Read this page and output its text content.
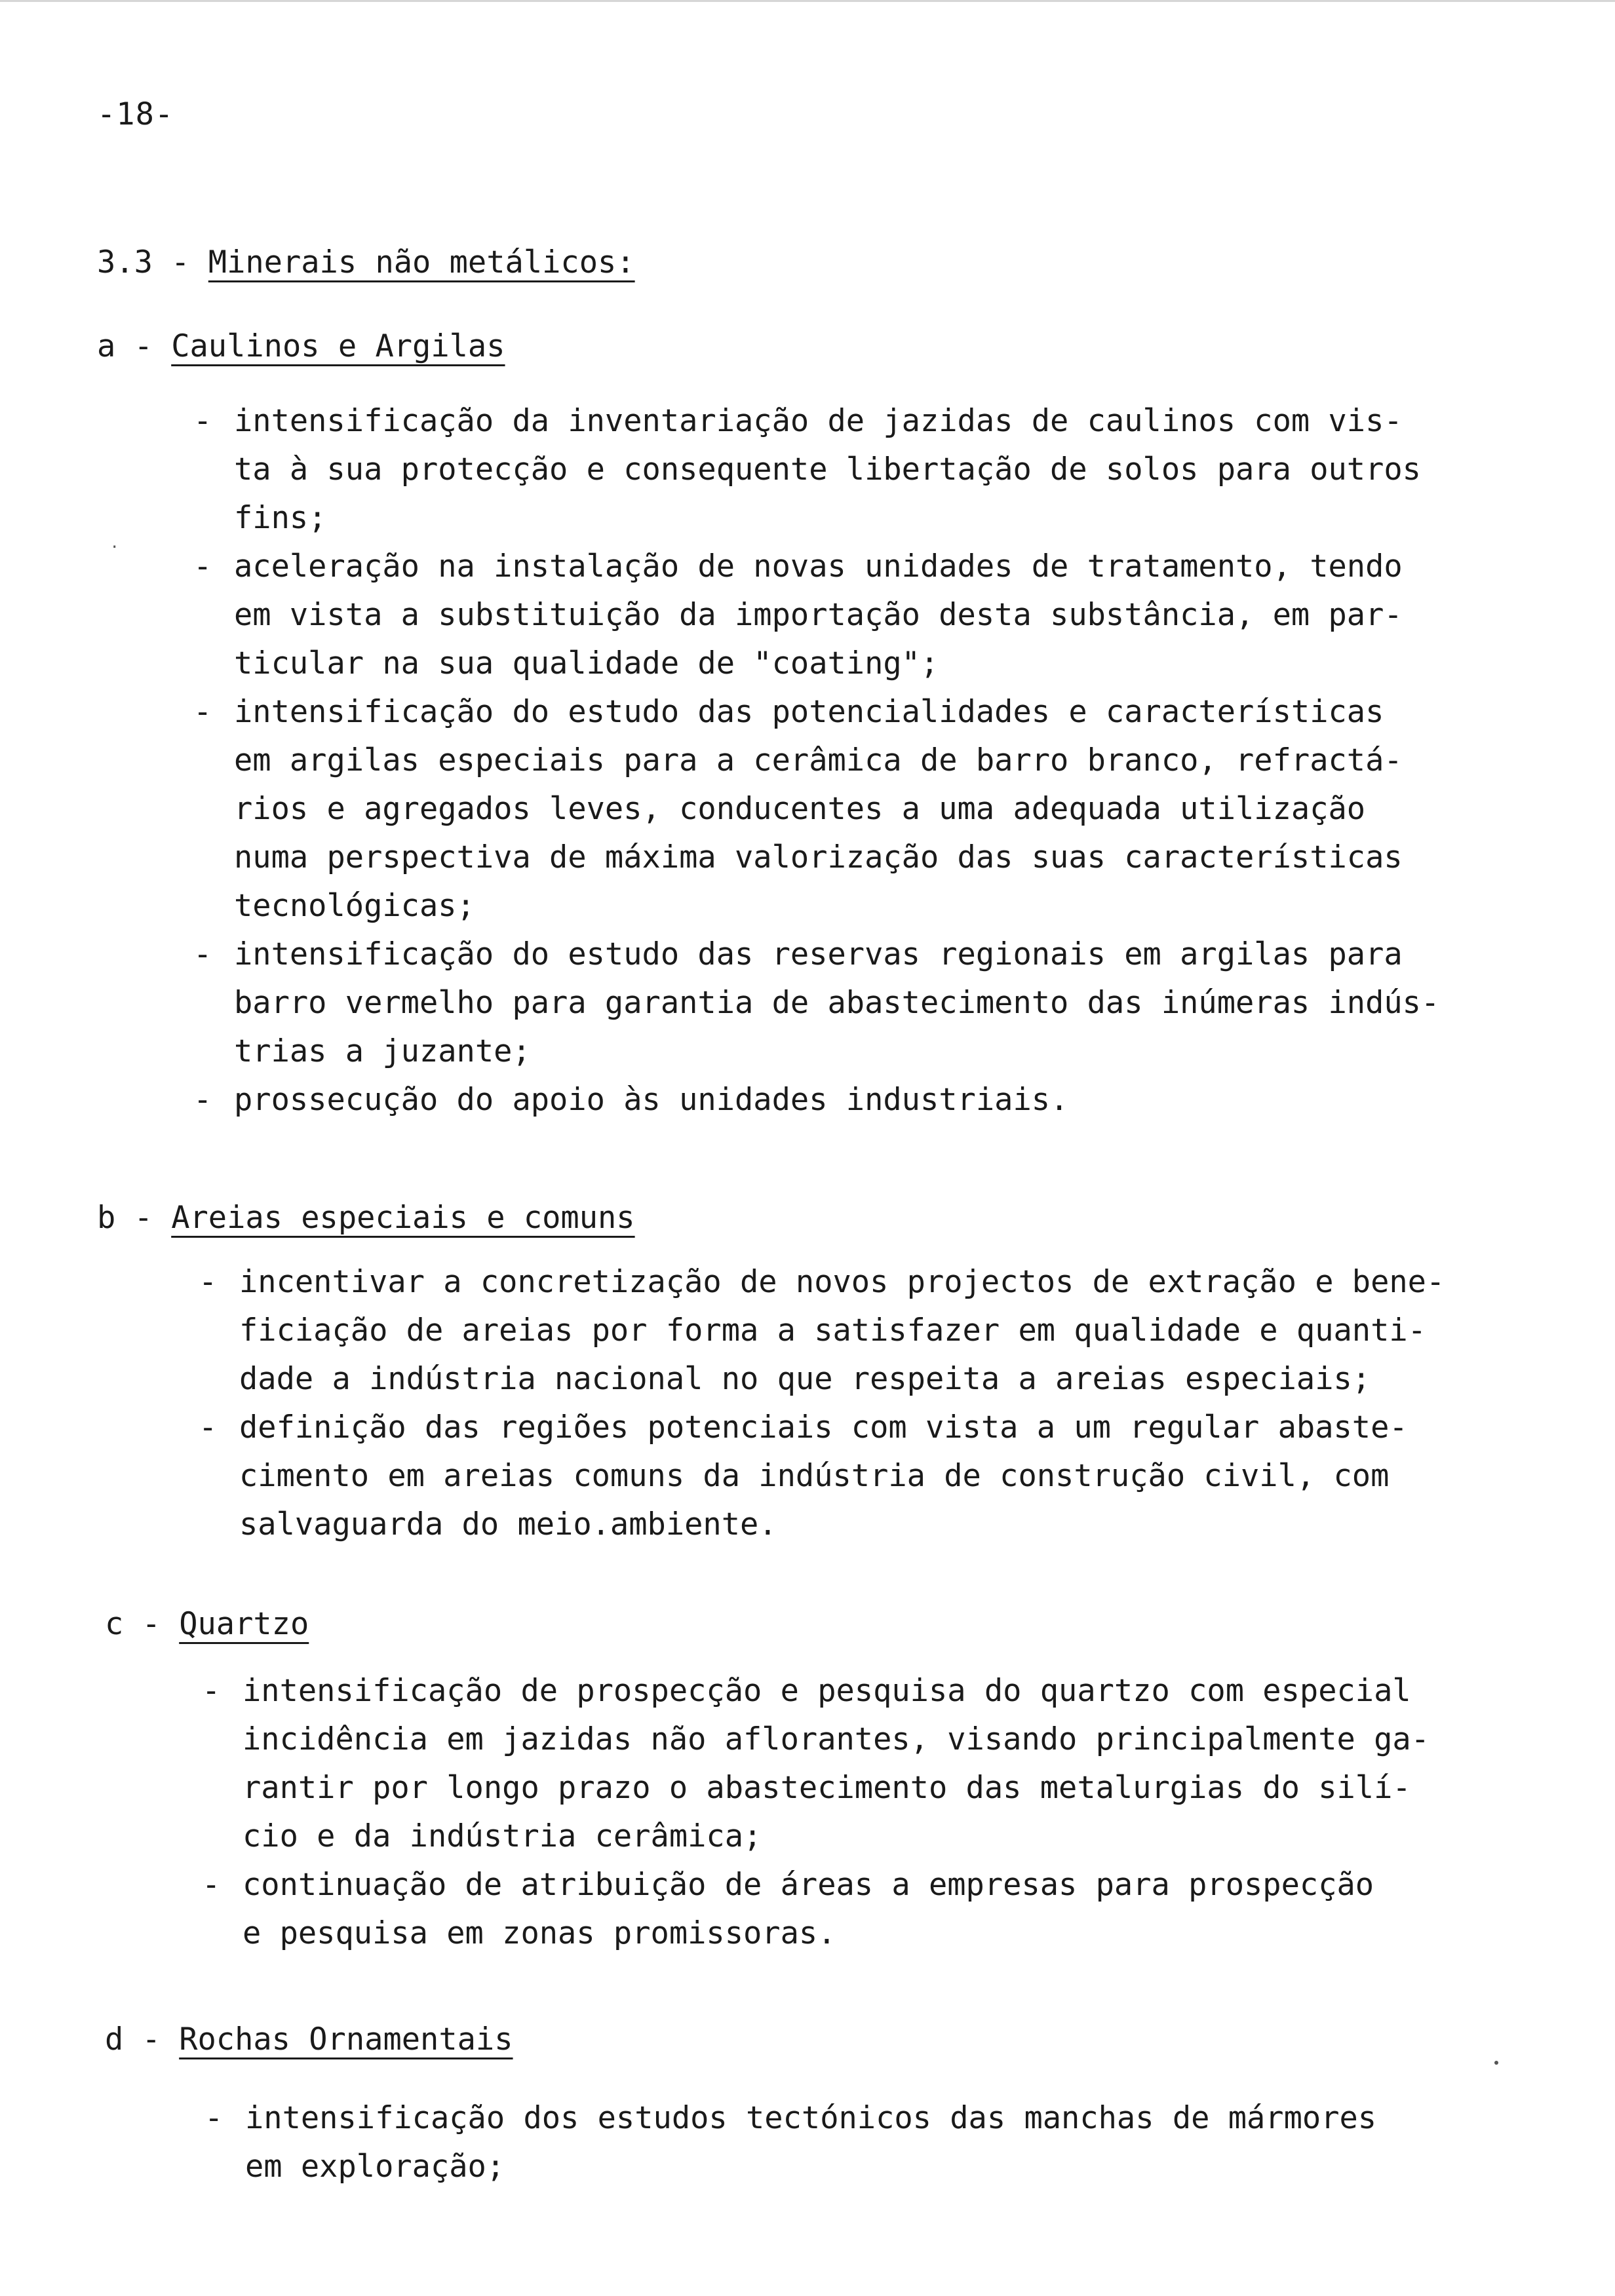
-18-
3.3 - Minerais não metálicos:
a - Caulinos e Argilas
- intensificação da inventariação de jazidas de caulinos com vis-
ta à sua protecção e consequente libertação de solos para outros
fins;
- aceleração na instalação de novas unidades de tratamento, tendo
em vista a substituição da importação desta substância, em par-
ticular na sua qualidade de "coating";
- intensificação do estudo das potencialidades e características
em argilas especiais para a cerâmica de barro branco, refractá-
rios e agregados leves, conducentes a uma adequada utilização
numa perspectiva de máxima valorização das suas características
tecnológicas;
- intensificação do estudo das reservas regionais em argilas para
barro vermelho para garantia de abastecimento das inúmeras indús-
trias a juzante;
- prossecução do apoio às unidades industriais.
b - Areias especiais e comuns
- incentivar a concretização de novos projectos de extração e bene-
ficiação de areias por forma a satisfazer em qualidade e quanti-
dade a indústria nacional no que respeita a areias especiais;
- definição das regiões potenciais com vista a um regular abaste-
cimento em areias comuns da indústria de construção civil, com
salvaguarda do meio.ambiente.
c - Quartzo
- intensificação de prospecção e pesquisa do quartzo com especial
incidência em jazidas não aflorantes, visando principalmente ga-
rantir por longo prazo o abastecimento das metalurgias do silí-
cio e da indústria cerâmica;
- continuação de atribuição de áreas a empresas para prospecção
e pesquisa em zonas promissoras.
d - Rochas Ornamentais
- intensificação dos estudos tectónicos das manchas de mármores
em exploração;
․
